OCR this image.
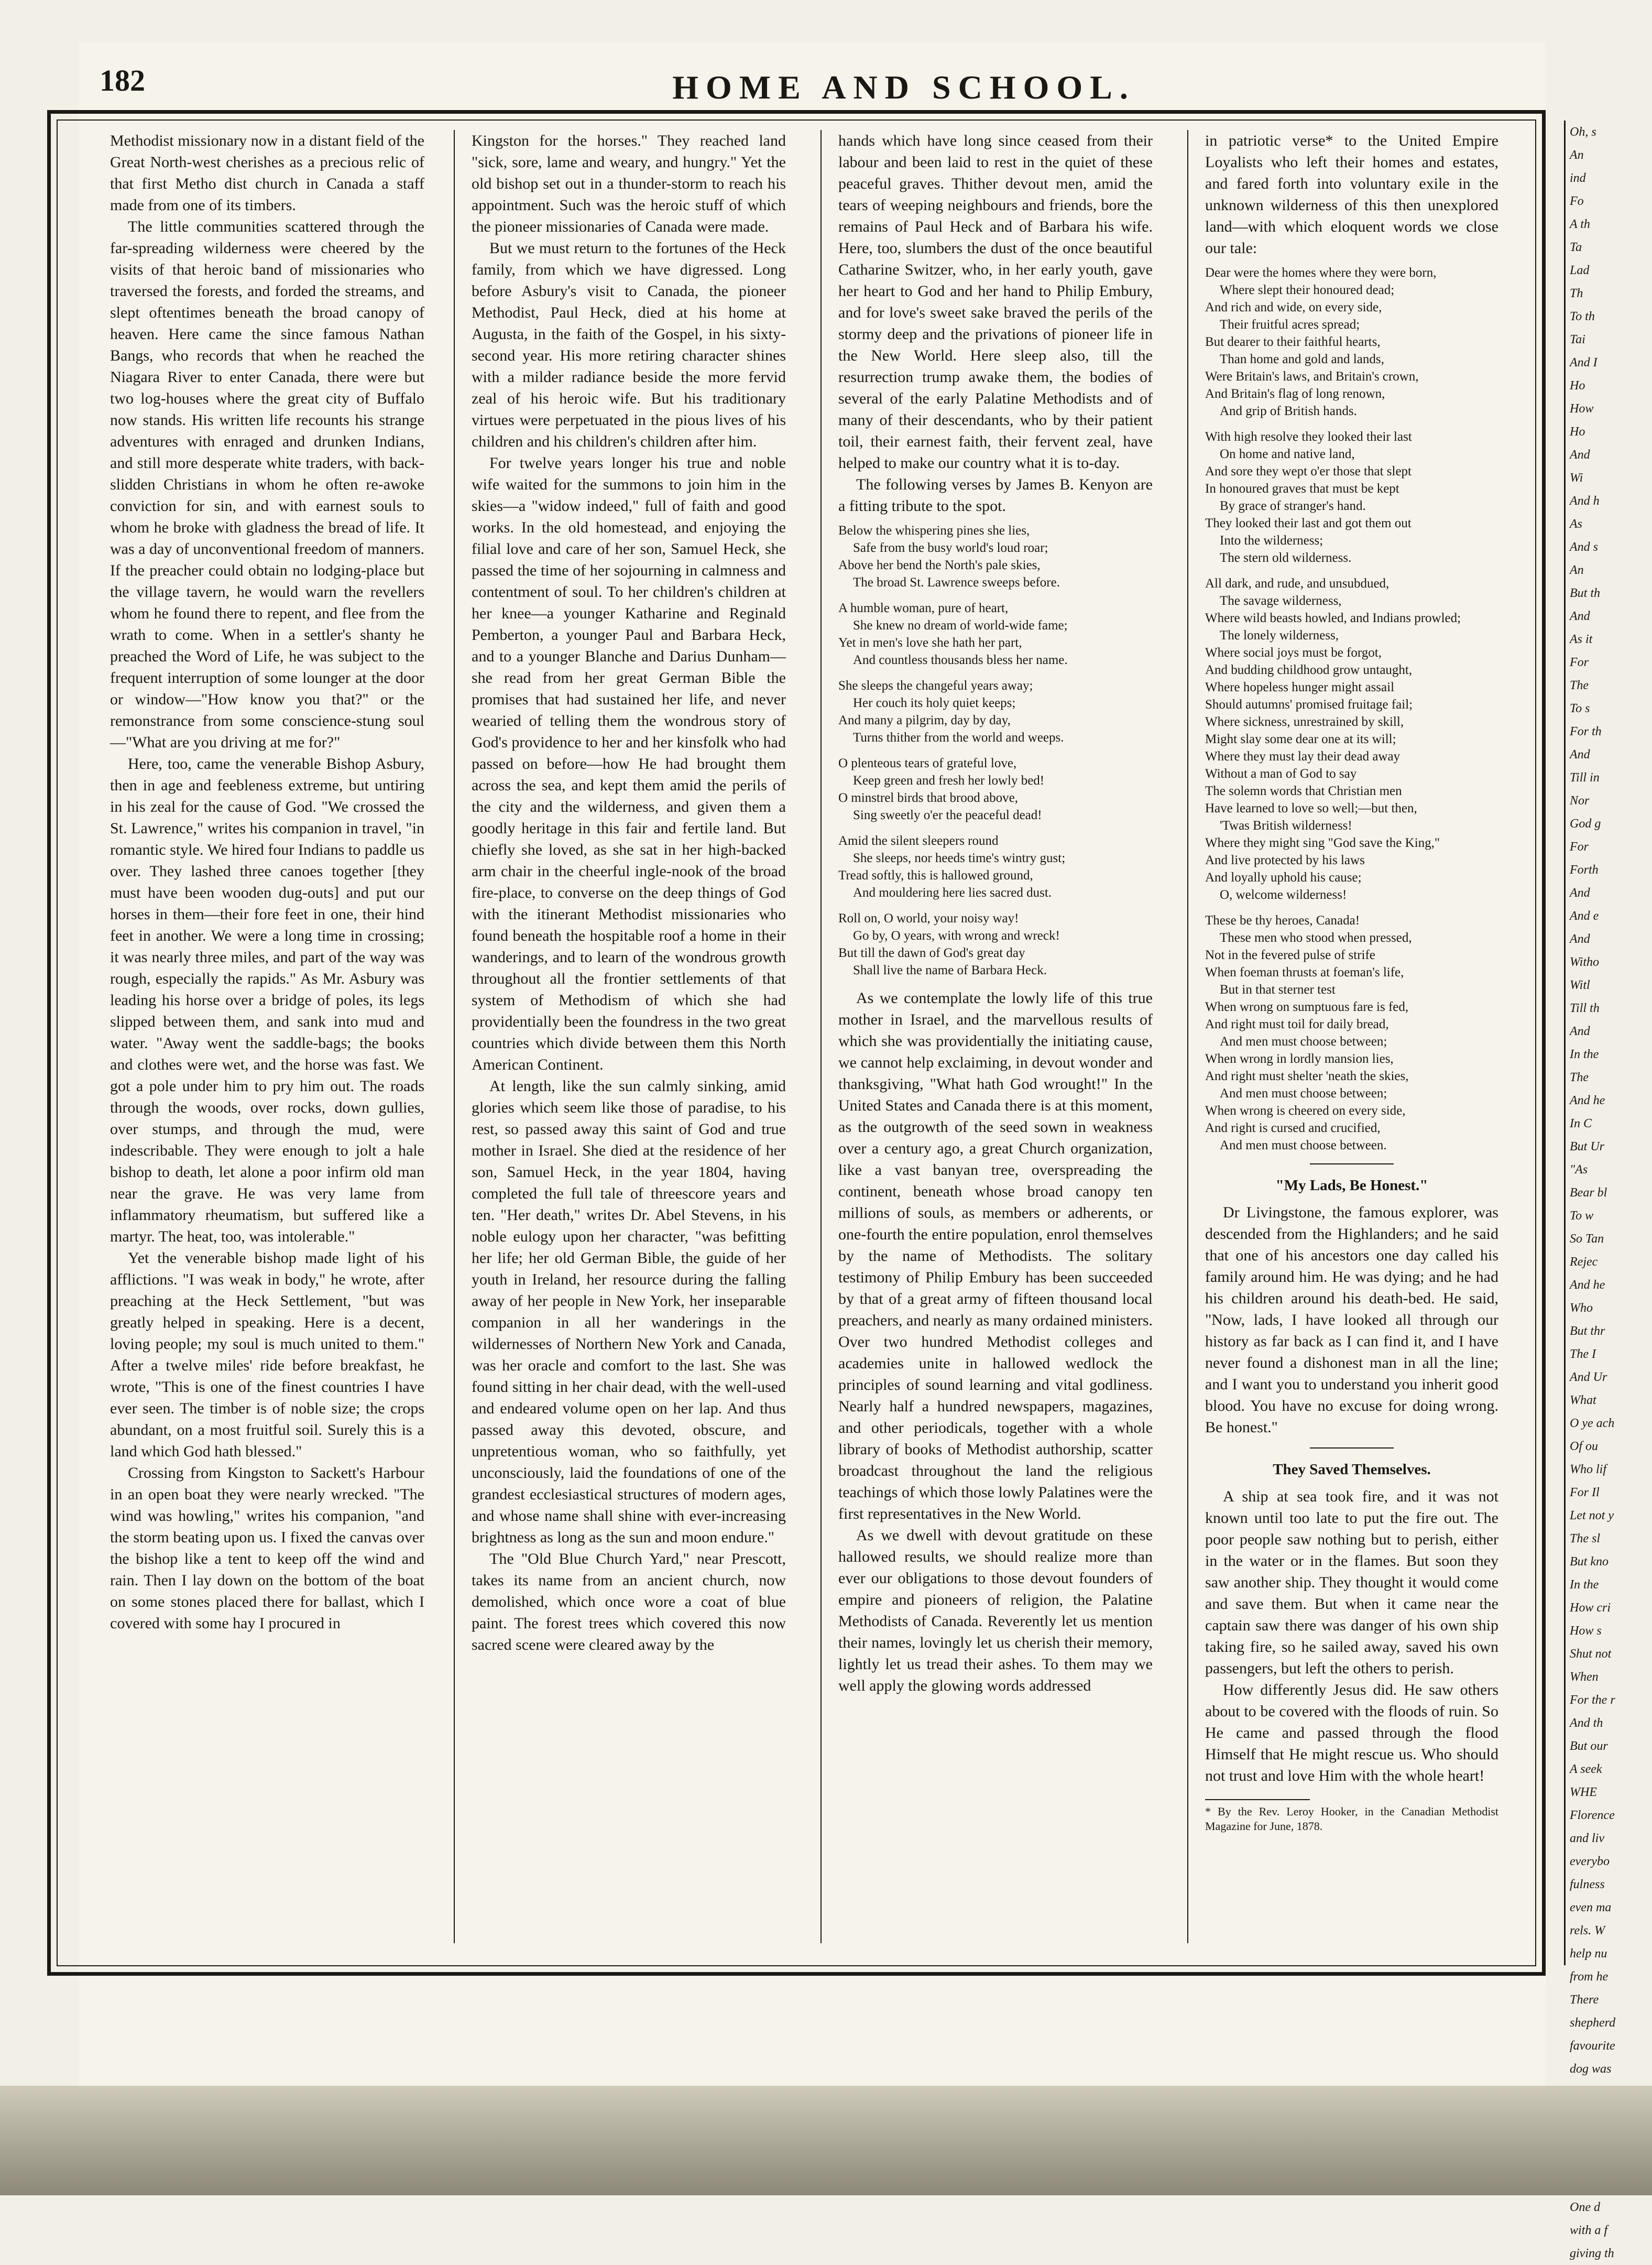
182	HOME AND SCHOOL.

Methodist missionary now in a distant field of the Great North-west cherishes as a precious relic of that first Metho dist church in Canada a staff made from one of its timbers.

The little communities scattered through the far-spreading wilderness were cheered by the visits of that heroic band of missionaries who traversed the forests, and forded the streams, and slept oftentimes beneath the broad canopy of heaven. Here came the since famous Nathan Bangs, who records that when he reached the Niagara River to enter Canada, there were but two log-houses where the great city of Buffalo now stands. His written life recounts his strange adventures with enraged and drunken Indians, and still more desperate white traders, with back-slidden Christians in whom he often re-awoke conviction for sin, and with earnest souls to whom he broke with gladness the bread of life. It was a day of unconventional freedom of manners. If the preacher could obtain no lodging-place but the village tavern, he would warn the revellers whom he found there to repent, and flee from the wrath to come. When in a settler's shanty he preached the Word of Life, he was subject to the frequent interruption of some lounger at the door or window—"How know you that?" or the remonstrance from some conscience-stung soul—"What are you driving at me for?"

Here, too, came the venerable Bishop Asbury, then in age and feebleness extreme, but untiring in his zeal for the cause of God. "We crossed the St. Lawrence," writes his companion in travel, "in romantic style. We hired four Indians to paddle us over. They lashed three canoes together [they must have been wooden dug-outs] and put our horses in them—their fore feet in one, their hind feet in another. We were a long time in crossing; it was nearly three miles, and part of the way was rough, especially the rapids." As Mr. Asbury was leading his horse over a bridge of poles, its legs slipped between them, and sank into mud and water. "Away went the saddle-bags; the books and clothes were wet, and the horse was fast. We got a pole under him to pry him out. The roads through the woods, over rocks, down gullies, over stumps, and through the mud, were indescribable. They were enough to jolt a hale bishop to death, let alone a poor infirm old man near the grave. He was very lame from inflammatory rheumatism, but suffered like a martyr. The heat, too, was intolerable."

Yet the venerable bishop made light of his afflictions. "I was weak in body," he wrote, after preaching at the Heck Settlement, "but was greatly helped in speaking. Here is a decent, loving people; my soul is much united to them." After a twelve miles' ride before breakfast, he wrote, "This is one of the finest countries I have ever seen. The timber is of noble size; the crops abundant, on a most fruitful soil. Surely this is a land which God hath blessed."

Crossing from Kingston to Sackett's Harbour in an open boat they were nearly wrecked. "The wind was howling," writes his companion, "and the storm beating upon us. I fixed the canvas over the bishop like a tent to keep off the wind and rain. Then I lay down on the bottom of the boat on some stones placed there for ballast, which I covered with some hay I procured in

Kingston for the horses." They reached land "sick, sore, lame and weary, and hungry." Yet the old bishop set out in a thunder-storm to reach his appointment. Such was the heroic stuff of which the pioneer missionaries of Canada were made.

But we must return to the fortunes of the Heck family, from which we have digressed. Long before Asbury's visit to Canada, the pioneer Methodist, Paul Heck, died at his home at Augusta, in the faith of the Gospel, in his sixty-second year. His more retiring character shines with a milder radiance beside the more fervid zeal of his heroic wife. But his traditionary virtues were perpetuated in the pious lives of his children and his children's children after him.

For twelve years longer his true and noble wife waited for the summons to join him in the skies—a "widow indeed," full of faith and good works. In the old homestead, and enjoying the filial love and care of her son, Samuel Heck, she passed the time of her sojourning in calmness and contentment of soul. To her children's children at her knee—a younger Katharine and Reginald Pemberton, a younger Paul and Barbara Heck, and to a younger Blanche and Darius Dunham—she read from her great German Bible the promises that had sustained her life, and never wearied of telling them the wondrous story of God's providence to her and her kinsfolk who had passed on before—how He had brought them across the sea, and kept them amid the perils of the city and the wilderness, and given them a goodly heritage in this fair and fertile land. But chiefly she loved, as she sat in her high-backed arm chair in the cheerful ingle-nook of the broad fire-place, to converse on the deep things of God with the itinerant Methodist missionaries who found beneath the hospitable roof a home in their wanderings, and to learn of the wondrous growth throughout all the frontier settlements of that system of Methodism of which she had providentially been the foundress in the two great countries which divide between them this North American Continent.

At length, like the sun calmly sinking, amid glories which seem like those of paradise, to his rest, so passed away this saint of God and true mother in Israel. She died at the residence of her son, Samuel Heck, in the year 1804, having completed the full tale of threescore years and ten. "Her death," writes Dr. Abel Stevens, in his noble eulogy upon her character, "was befitting her life; her old German Bible, the guide of her youth in Ireland, her resource during the falling away of her people in New York, her inseparable companion in all her wanderings in the wildernesses of Northern New York and Canada, was her oracle and comfort to the last. She was found sitting in her chair dead, with the well-used and endeared volume open on her lap. And thus passed away this devoted, obscure, and unpretentious woman, who so faithfully, yet unconsciously, laid the foundations of one of the grandest ecclesiastical structures of modern ages, and whose name shall shine with ever-increasing brightness as long as the sun and moon endure."

The "Old Blue Church Yard," near Prescott, takes its name from an ancient church, now demolished, which once wore a coat of blue paint. The forest trees which covered this now sacred scene were cleared away by the

hands which have long since ceased from their labour and been laid to rest in the quiet of these peaceful graves. Thither devout men, amid the tears of weeping neighbours and friends, bore the remains of Paul Heck and of Barbara his wife. Here, too, slumbers the dust of the once beautiful Catharine Switzer, who, in her early youth, gave her heart to God and her hand to Philip Embury, and for love's sweet sake braved the perils of the stormy deep and the privations of pioneer life in the New World. Here sleep also, till the resurrection trump awake them, the bodies of several of the early Palatine Methodists and of many of their descendants, who by their patient toil, their earnest faith, their fervent zeal, have helped to make our country what it is to-day.

The following verses by James B. Kenyon are a fitting tribute to the spot.

Below the whispering pines she lies,
Safe from the busy world's loud roar;
Above her bend the North's pale skies,
The broad St. Lawrence sweeps before.
A humble woman, pure of heart,
She knew no dream of world-wide fame;
Yet in men's love she hath her part,
And countless thousands bless her name.
She sleeps the changeful years away;
Her couch its holy quiet keeps;
And many a pilgrim, day by day,
Turns thither from the world and weeps.
O plenteous tears of grateful love,
Keep green and fresh her lowly bed!
O minstrel birds that brood above,
Sing sweetly o'er the peaceful dead!
Amid the silent sleepers round
She sleeps, nor heeds time's wintry gust;
Tread softly, this is hallowed ground,
And mouldering here lies sacred dust.
Roll on, O world, your noisy way!
Go by, O years, with wrong and wreck!
But till the dawn of God's great day
Shall live the name of Barbara Heck.

As we contemplate the lowly life of this true mother in Israel, and the marvellous results of which she was providentially the initiating cause, we cannot help exclaiming, in devout wonder and thanksgiving, "What hath God wrought!" In the United States and Canada there is at this moment, as the outgrowth of the seed sown in weakness over a century ago, a great Church organization, like a vast banyan tree, overspreading the continent, beneath whose broad canopy ten millions of souls, as members or adherents, or one-fourth the entire population, enrol themselves by the name of Methodists. The solitary testimony of Philip Embury has been succeeded by that of a great army of fifteen thousand local preachers, and nearly as many ordained ministers. Over two hundred Methodist colleges and academies unite in hallowed wedlock the principles of sound learning and vital godliness. Nearly half a hundred newspapers, magazines, and other periodicals, together with a whole library of books of Methodist authorship, scatter broadcast throughout the land the religious teachings of which those lowly Palatines were the first representatives in the New World.

As we dwell with devout gratitude on these hallowed results, we should realize more than ever our obligations to those devout founders of empire and pioneers of religion, the Palatine Methodists of Canada. Reverently let us mention their names, lovingly let us cherish their memory, lightly let us tread their ashes. To them may we well apply the glowing words addressed

in patriotic verse* to the United Empire Loyalists who left their homes and estates, and fared forth into voluntary exile in the unknown wilderness of this then unexplored land—with which eloquent words we close our tale:

Dear were the homes where they were born,
Where slept their honoured dead;
And rich and wide, on every side,
Their fruitful acres spread;
But dearer to their faithful hearts,
Than home and gold and lands,
Were Britain's laws, and Britain's crown,
And Britain's flag of long renown,
And grip of British hands.
With high resolve they looked their last
On home and native land,
And sore they wept o'er those that slept
In honoured graves that must be kept
By grace of stranger's hand.
They looked their last and got them out
Into the wilderness;
The stern old wilderness.
All dark, and rude, and unsubdued,
The savage wilderness,
Where wild beasts howled, and Indians prowled;
The lonely wilderness,
Where social joys must be forgot,
And budding childhood grow untaught,
Where hopeless hunger might assail
Should autumns' promised fruitage fail;
Where sickness, unrestrained by skill,
Might slay some dear one at its will;
Where they must lay their dead away
Without a man of God to say
The solemn words that Christian men
Have learned to love so well;—but then,
'Twas British wilderness!
Where they might sing "God save the King,"
And live protected by his laws
And loyally uphold his cause;
O, welcome wilderness!
These be thy heroes, Canada!
These men who stood when pressed,
Not in the fevered pulse of strife
When foeman thrusts at foeman's life,
But in that sterner test
When wrong on sumptuous fare is fed,
And right must toil for daily bread,
And men must choose between;
When wrong in lordly mansion lies,
And right must shelter 'neath the skies,
And men must choose between;
When wrong is cheered on every side,
And right is cursed and crucified,
And men must choose between.
"My Lads, Be Honest."

Dr Livingstone, the famous explorer, was descended from the Highlanders; and he said that one of his ancestors one day called his family around him. He was dying; and he had his children around his death-bed. He said, "Now, lads, I have looked all through our history as far back as I can find it, and I have never found a dishonest man in all the line; and I want you to understand you inherit good blood. You have no excuse for doing wrong. Be honest."

They Saved Themselves.

A ship at sea took fire, and it was not known until too late to put the fire out. The poor people saw nothing but to perish, either in the water or in the flames. But soon they saw another ship. They thought it would come and save them. But when it came near the captain saw there was danger of his own ship taking fire, so he sailed away, saved his own passengers, but left the others to perish.

How differently Jesus did. He saw others about to be covered with the floods of ruin. So He came and passed through the flood Himself that He might rescue us. Who should not trust and love Him with the whole heart!

* By the Rev. Leroy Hooker, in the Canadian Methodist Magazine for June, 1878.

Oh, s
An
ind
Fo
A th
Ta
Lad
Th
To th
Tai
And I
Ho
How
Ho
And
Wi
And h
As
And s
An
But th
And
As it
For
The
To s
For th
And
Till in
Nor
God g
For
Forth
And
And e
And
Witho
Witl
Till th
And
In the
The
And he
In C
But Ur
"As
Bear bl
To w
So Tan
Rejec
And he
Who
But thr
The I
And Ur
What
O ye ach
Of ou
Who lif
For Il
Let not y
The sl
But kno
In the
How cri
How s
Shut not
When
For the r
And th
But our
A seek
WHE
Florence
and liv
everybo
fulness
even ma
rels. W
help nu
from he
There
shepherd
favourite
dog was
One d
with a f
giving th
